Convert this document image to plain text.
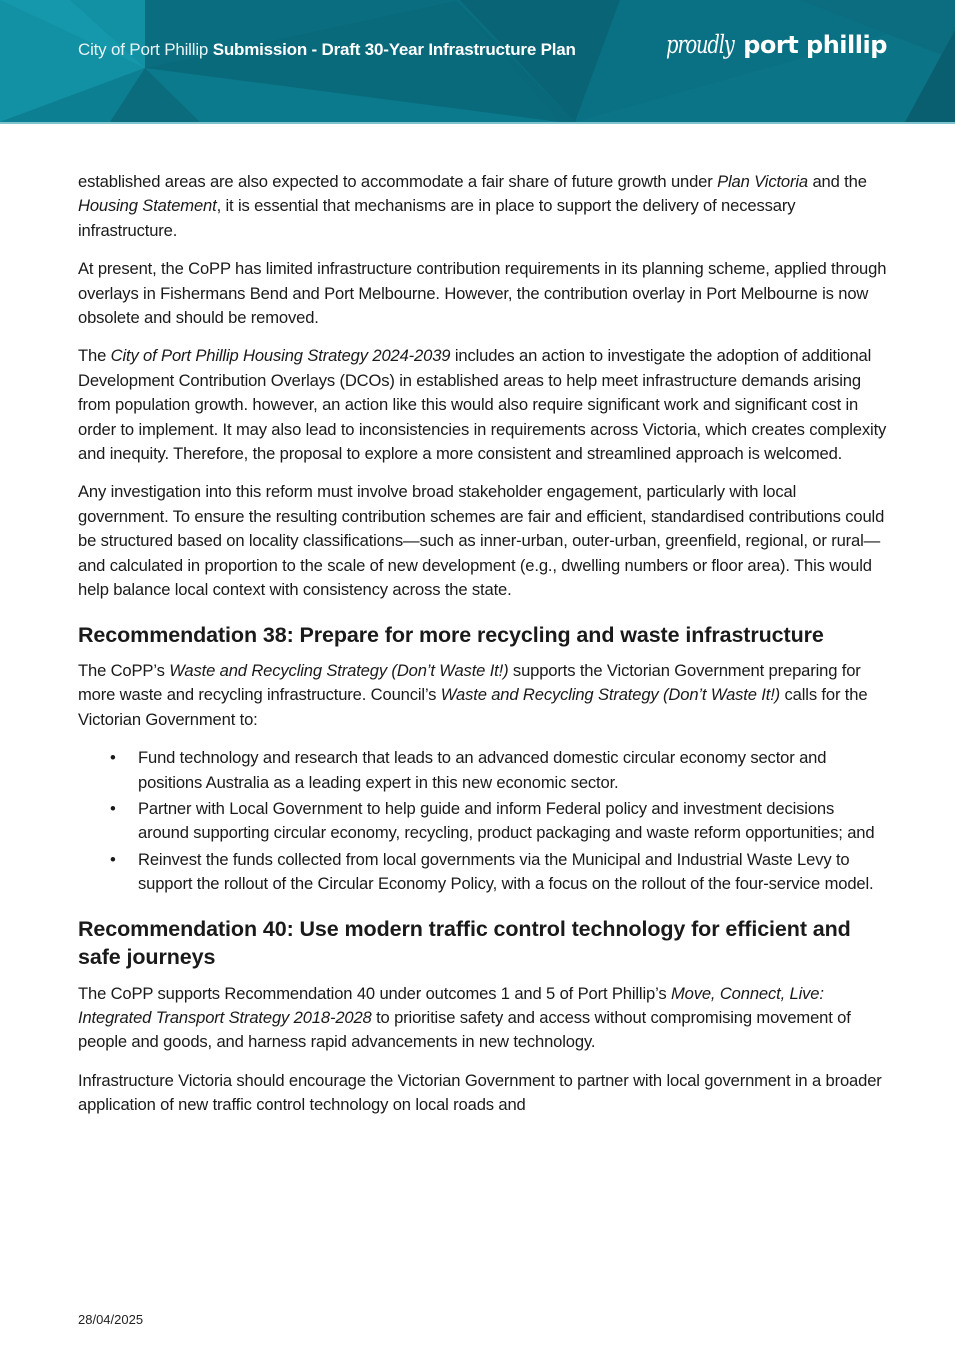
City of Port Phillip Submission - Draft 30-Year Infrastructure Plan	proudly port phillip

established areas are also expected to accommodate a fair share of future growth under Plan Victoria and the Housing Statement, it is essential that mechanisms are in place to support the delivery of necessary infrastructure.

At present, the CoPP has limited infrastructure contribution requirements in its planning scheme, applied through overlays in Fishermans Bend and Port Melbourne. However, the contribution overlay in Port Melbourne is now obsolete and should be removed.

The City of Port Phillip Housing Strategy 2024-2039 includes an action to investigate the adoption of additional Development Contribution Overlays (DCOs) in established areas to help meet infrastructure demands arising from population growth. however, an action like this would also require significant work and significant cost in order to implement. It may also lead to inconsistencies in requirements across Victoria, which creates complexity and inequity. Therefore, the proposal to explore a more consistent and streamlined approach is welcomed.

Any investigation into this reform must involve broad stakeholder engagement, particularly with local government. To ensure the resulting contribution schemes are fair and efficient, standardised contributions could be structured based on locality classifications—such as inner-urban, outer-urban, greenfield, regional, or rural—and calculated in proportion to the scale of new development (e.g., dwelling numbers or floor area). This would help balance local context with consistency across the state.

Recommendation 38: Prepare for more recycling and waste infrastructure

The CoPP’s Waste and Recycling Strategy (Don’t Waste It!) supports the Victorian Government preparing for more waste and recycling infrastructure. Council’s Waste and Recycling Strategy (Don’t Waste It!) calls for the Victorian Government to:

• Fund technology and research that leads to an advanced domestic circular economy sector and positions Australia as a leading expert in this new economic sector.
• Partner with Local Government to help guide and inform Federal policy and investment decisions around supporting circular economy, recycling, product packaging and waste reform opportunities; and
• Reinvest the funds collected from local governments via the Municipal and Industrial Waste Levy to support the rollout of the Circular Economy Policy, with a focus on the rollout of the four-service model.
Recommendation 40: Use modern traffic control technology for efficient and safe journeys

The CoPP supports Recommendation 40 under outcomes 1 and 5 of Port Phillip’s Move, Connect, Live: Integrated Transport Strategy 2018-2028 to prioritise safety and access without compromising movement of people and goods, and harness rapid advancements in new technology.

Infrastructure Victoria should encourage the Victorian Government to partner with local government in a broader application of new traffic control technology on local roads and

28/04/2025
